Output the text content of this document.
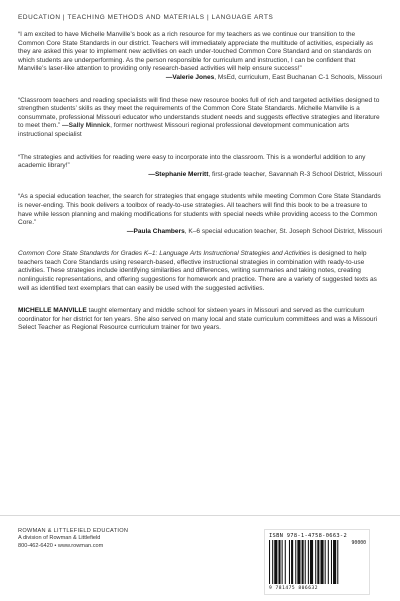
EDUCATION | TEACHING METHODS AND MATERIALS | LANGUAGE ARTS

“I am excited to have Michelle Manville’s book as a rich resource for my teachers as we continue our transition to the Common Core State Standards in our district. Teachers will immediately appreciate the multitude of activities, especially as they are asked this year to implement new activities on each under-touched Common Core Standard and on standards on which students are underperforming. As the person responsible for curriculum and instruction, I can be confident that Manville’s laser-like attention to providing only research-based activities will help ensure success!”

—Valerie Jones, MsEd, curriculum, East Buchanan C-1 Schools, Missouri

“Classroom teachers and reading specialists will find these new resource books full of rich and targeted activities designed to strengthen students’ skills as they meet the requirements of the Common Core State Standards. Michelle Manville is a consummate, professional Missouri educator who understands student needs and suggests effective strategies and literature to meet them.” —Sally Minnick, former northwest Missouri regional professional development communication arts instructional specialist

“The strategies and activities for reading were easy to incorporate into the classroom. This is a wonderful addition to any academic library!”

—Stephanie Merritt, first-grade teacher, Savannah R-3 School District, Missouri

“As a special education teacher, the search for strategies that engage students while meeting Common Core State Standards is never-ending. This book delivers a toolbox of ready-to-use strategies. All teachers will find this book to be a treasure to have while lesson planning and making modifications for students with special needs while providing access to the Common Core.”

—Paula Chambers, K–6 special education teacher, St. Joseph School District, Missouri

Common Core State Standards for Grades K–1: Language Arts Instructional Strategies and Activities is designed to help teachers teach Core Standards using research-based, effective instructional strategies in combination with ready-to-use activities. These strategies include identifying similarities and differences, writing summaries and taking notes, creating nonlinguistic representations, and offering suggestions for homework and practice. There are a variety of suggested texts as well as identified text exemplars that can easily be used with the suggested activities.

MICHELLE MANVILLE taught elementary and middle school for sixteen years in Missouri and served as the curriculum coordinator for her district for ten years. She also served on many local and state curriculum committees and was a Missouri Select Teacher as Regional Resource curriculum trainer for two years.

ROWMAN & LITTLEFIELD EDUCATION
A division of Rowman & Littlefield
800-462-6420 • www.rowman.com
ISBN 978-1-4758-0663-2
90000
9 781475 806632
